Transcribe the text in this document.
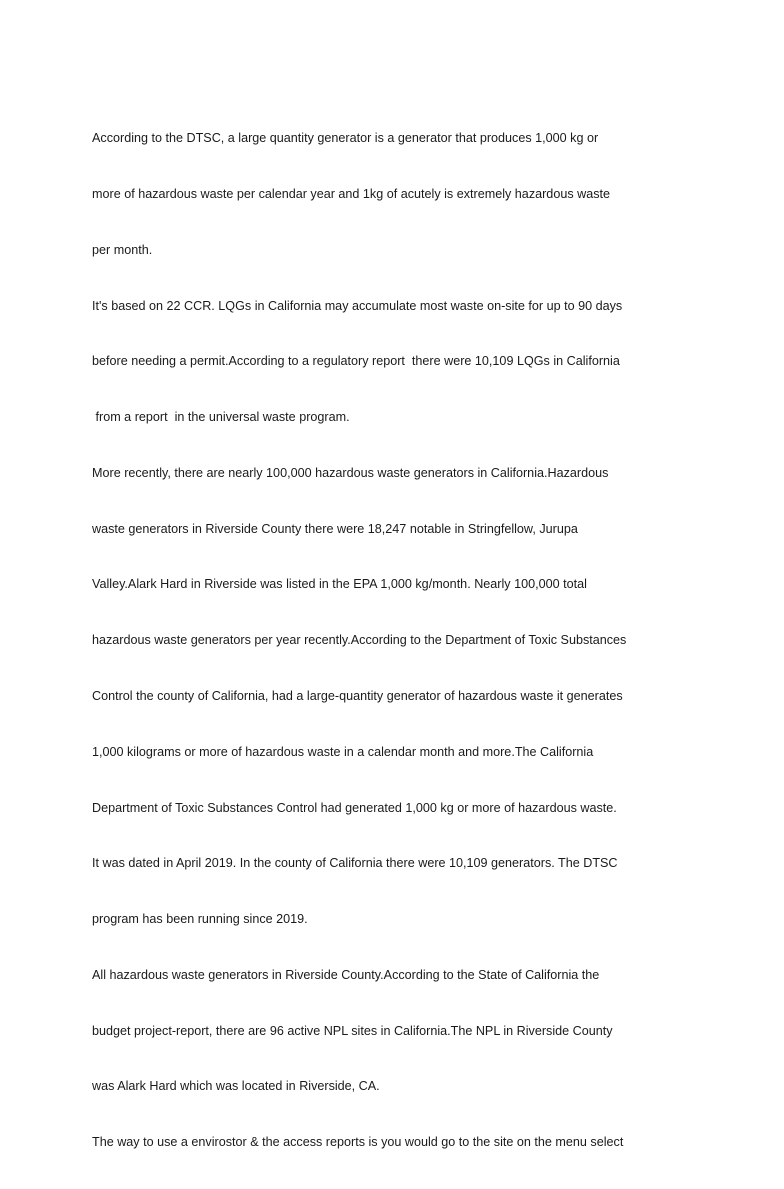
According to the DTSC, a large quantity generator is a generator that produces 1,000 kg or

more of hazardous waste per calendar year and 1kg of acutely is extremely hazardous waste

per month.

It's based on 22 CCR. LQGs in California may accumulate most waste on-site for up to 90 days

before needing a permit.According to a regulatory report  there were 10,109 LQGs in California

from a report  in the universal waste program.

More recently, there are nearly 100,000 hazardous waste generators in California.Hazardous

waste generators in Riverside County there were 18,247 notable in Stringfellow, Jurupa

Valley.Alark Hard in Riverside was listed in the EPA 1,000 kg/month. Nearly 100,000 total

hazardous waste generators per year recently.According to the Department of Toxic Substances

Control the county of California, had a large-quantity generator of hazardous waste it generates

1,000 kilograms or more of hazardous waste in a calendar month and more.The California

Department of Toxic Substances Control had generated 1,000 kg or more of hazardous waste.

It was dated in April 2019. In the county of California there were 10,109 generators. The DTSC

program has been running since 2019.

All hazardous waste generators in Riverside County.According to the State of California the

budget project-report, there are 96 active NPL sites in California.The NPL in Riverside County

was Alark Hard which was located in Riverside, CA.

The way to use a envirostor & the access reports is you would go to the site on the menu select
